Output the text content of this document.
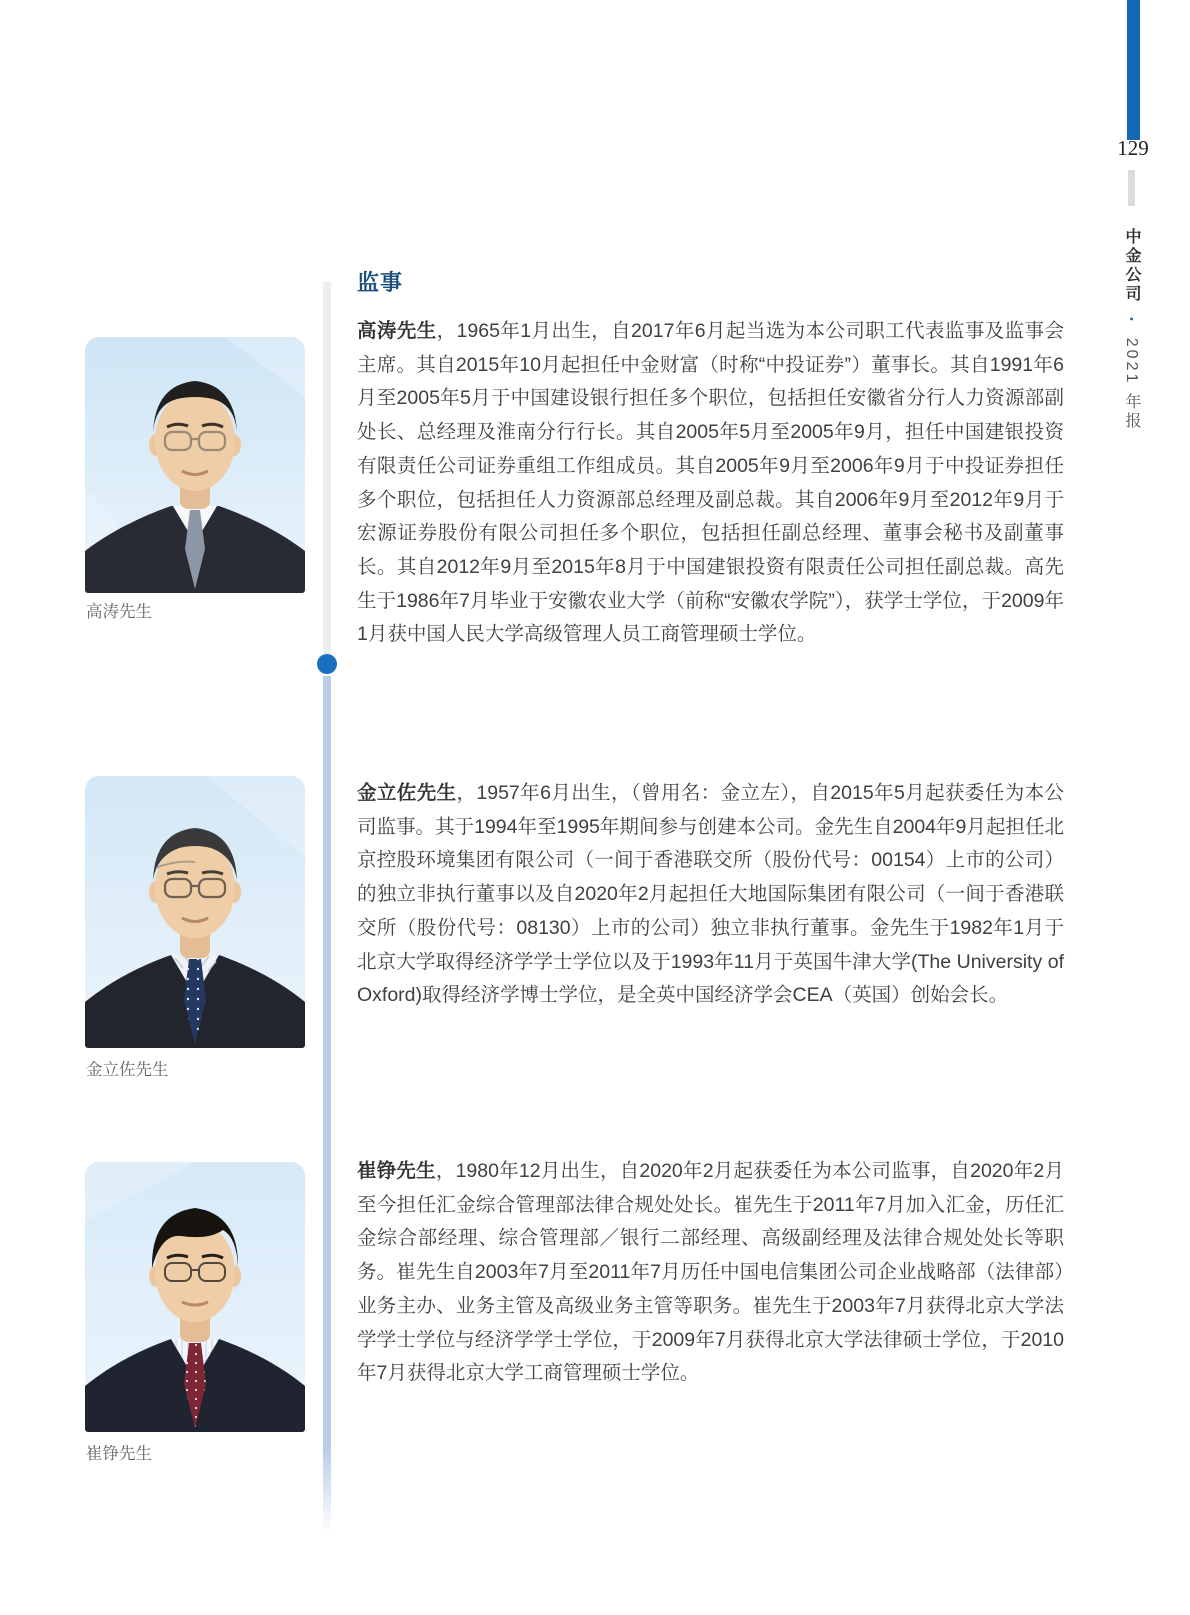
129
中金公司 • 2021 年报
监事

高涛先生

金立佐先生

崔铮先生

高涛先生，1965年1月出生，自2017年6月起当选为本公司职工代表监事及监事会主席。其自2015年10月起担任中金财富（时称“中投证券”）董事长。其自1991年6月至2005年5月于中国建设银行担任多个职位，包括担任安徽省分行人力资源部副处长、总经理及淮南分行行长。其自2005年5月至2005年9月，担任中国建银投资有限责任公司证券重组工作组成员。其自2005年9月至2006年9月于中投证券担任多个职位，包括担任人力资源部总经理及副总裁。其自2006年9月至2012年9月于宏源证券股份有限公司担任多个职位，包括担任副总经理、董事会秘书及副董事长。其自2012年9月至2015年8月于中国建银投资有限责任公司担任副总裁。高先生于1986年7月毕业于安徽农业大学（前称“安徽农学院”），获学士学位，于2009年1月获中国人民大学高级管理人员工商管理硕士学位。

金立佐先生，1957年6月出生，（曾用名：金立左），自2015年5月起获委任为本公司监事。其于1994年至1995年期间参与创建本公司。金先生自2004年9月起担任北京控股环境集团有限公司（一间于香港联交所（股份代号：00154）上市的公司）的独立非执行董事以及自2020年2月起担任大地国际集团有限公司（一间于香港联交所（股份代号：08130）上市的公司）独立非执行董事。金先生于1982年1月于北京大学取得经济学学士学位以及于1993年11月于英国牛津大学(The University of Oxford)取得经济学博士学位，是全英中国经济学会CEA（英国）创始会长。

崔铮先生，1980年12月出生，自2020年2月起获委任为本公司监事，自2020年2月至今担任汇金综合管理部法律合规处处长。崔先生于2011年7月加入汇金，历任汇金综合部经理、综合管理部／银行二部经理、高级副经理及法律合规处处长等职务。崔先生自2003年7月至2011年7月历任中国电信集团公司企业战略部（法律部）业务主办、业务主管及高级业务主管等职务。崔先生于2003年7月获得北京大学法学学士学位与经济学学士学位，于2009年7月获得北京大学法律硕士学位，于2010年7月获得北京大学工商管理硕士学位。
